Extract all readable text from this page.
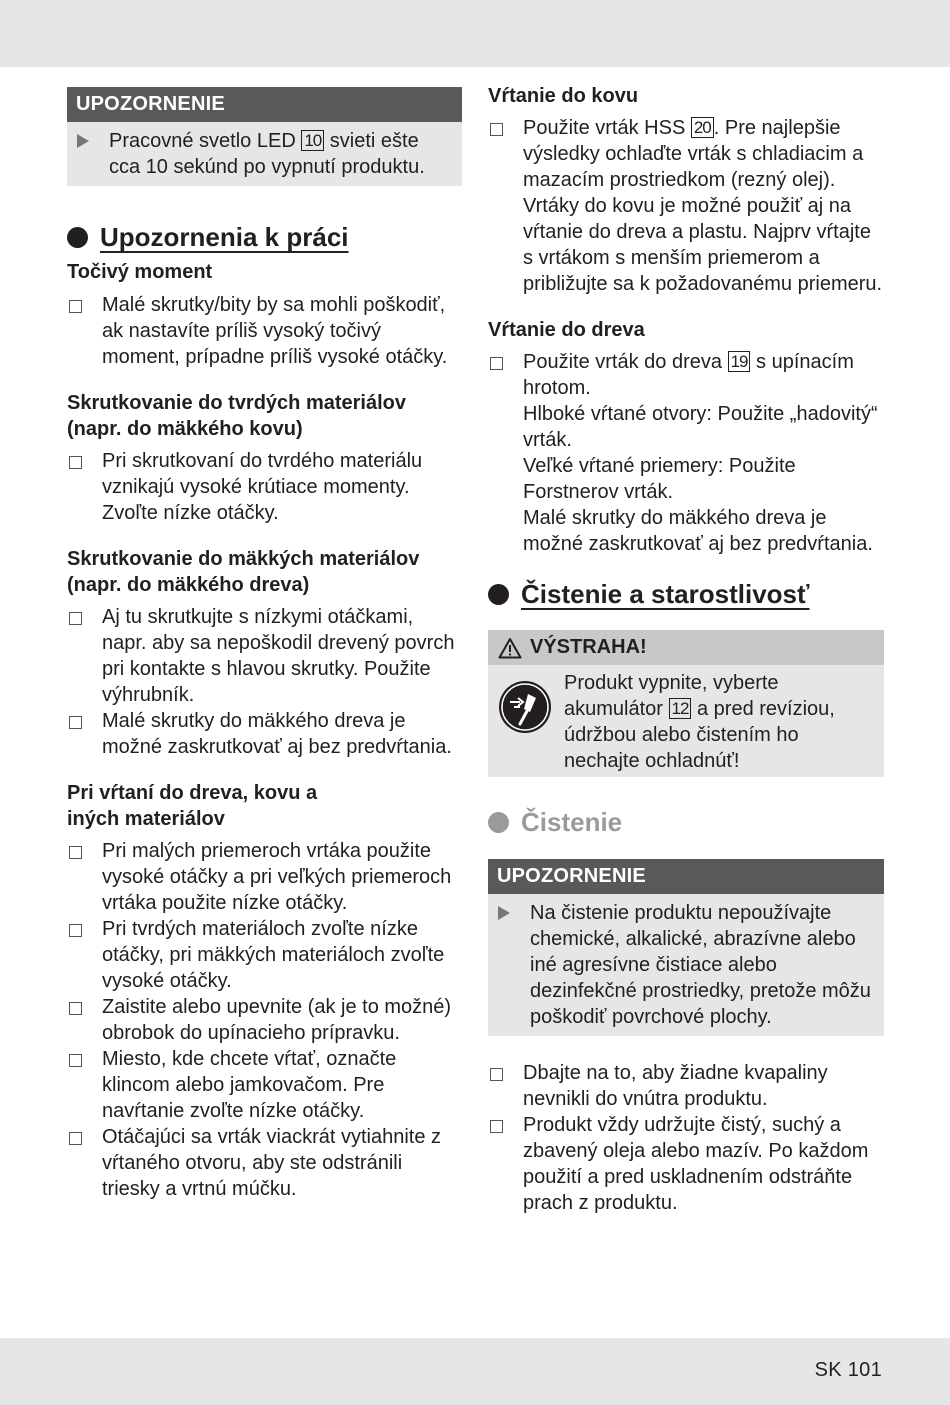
UPOZORNENIE
Pracovné svetlo LED 10 svieti ešte cca 10 sekúnd po vypnutí produktu.
Upozornenia k práci
Točivý moment
Malé skrutky/bity by sa mohli poškodiť, ak nastavíte príliš vysoký točivý moment, prípadne príliš vysoké otáčky.
Skrutkovanie do tvrdých materiálov
(napr. do mäkkého kovu)
Pri skrutkovaní do tvrdého materiálu vznikajú vysoké krútiace momenty. Zvoľte nízke otáčky.
Skrutkovanie do mäkkých materiálov
(napr. do mäkkého dreva)
Aj tu skrutkujte s nízkymi otáčkami, napr. aby sa nepoškodil drevený povrch pri kontakte s hlavou skrutky. Použite výhrubník.
Malé skrutky do mäkkého dreva je možné zaskrutkovať aj bez predvŕtania.
Pri vŕtaní do dreva, kovu a
iných materiálov
Pri malých priemeroch vrtáka použite vysoké otáčky a pri veľkých priemeroch vrtáka použite nízke otáčky.
Pri tvrdých materiáloch zvoľte nízke otáčky, pri mäkkých materiáloch zvoľte vysoké otáčky.
Zaistite alebo upevnite (ak je to možné) obrobok do upínacieho prípravku.
Miesto, kde chcete vŕtať, označte klincom alebo jamkovačom. Pre navŕtanie zvoľte nízke otáčky.
Otáčajúci sa vrták viackrát vytiahnite z vŕtaného otvoru, aby ste odstránili triesky a vrtnú múčku.
Vŕtanie do kovu
Použite vrták HSS 20 . Pre najlepšie výsledky ochlaďte vrták s chladiacim a mazacím prostriedkom (rezný olej). Vrtáky do kovu je možné použiť aj na vŕtanie do dreva a plastu. Najprv vŕtajte s vrtákom s menším priemerom a približujte sa k požadovanému priemeru.
Vŕtanie do dreva
Použite vrták do dreva 19 s upínacím hrotom.
Hlboké vŕtané otvory: Použite „hadovitý“ vrták.
Veľké vŕtané priemery: Použite Forstnerov vrták.
Malé skrutky do mäkkého dreva je možné zaskrutkovať aj bez predvŕtania.
Čistenie a starostlivosť
VÝSTRAHA!
Produkt vypnite, vyberte akumulátor 12 a pred revíziou, údržbou alebo čistením ho nechajte ochladnúť!
Čistenie
UPOZORNENIE
Na čistenie produktu nepoužívajte chemické, alkalické, abrazívne alebo iné agresívne čistiace alebo dezinfekčné prostriedky, pretože môžu poškodiť povrchové plochy.
Dbajte na to, aby žiadne kvapaliny nevnikli do vnútra produktu.
Produkt vždy udržujte čistý, suchý a zbavený oleja alebo mazív. Po každom použití a pred uskladnením odstráňte prach z produktu.
SK 101
